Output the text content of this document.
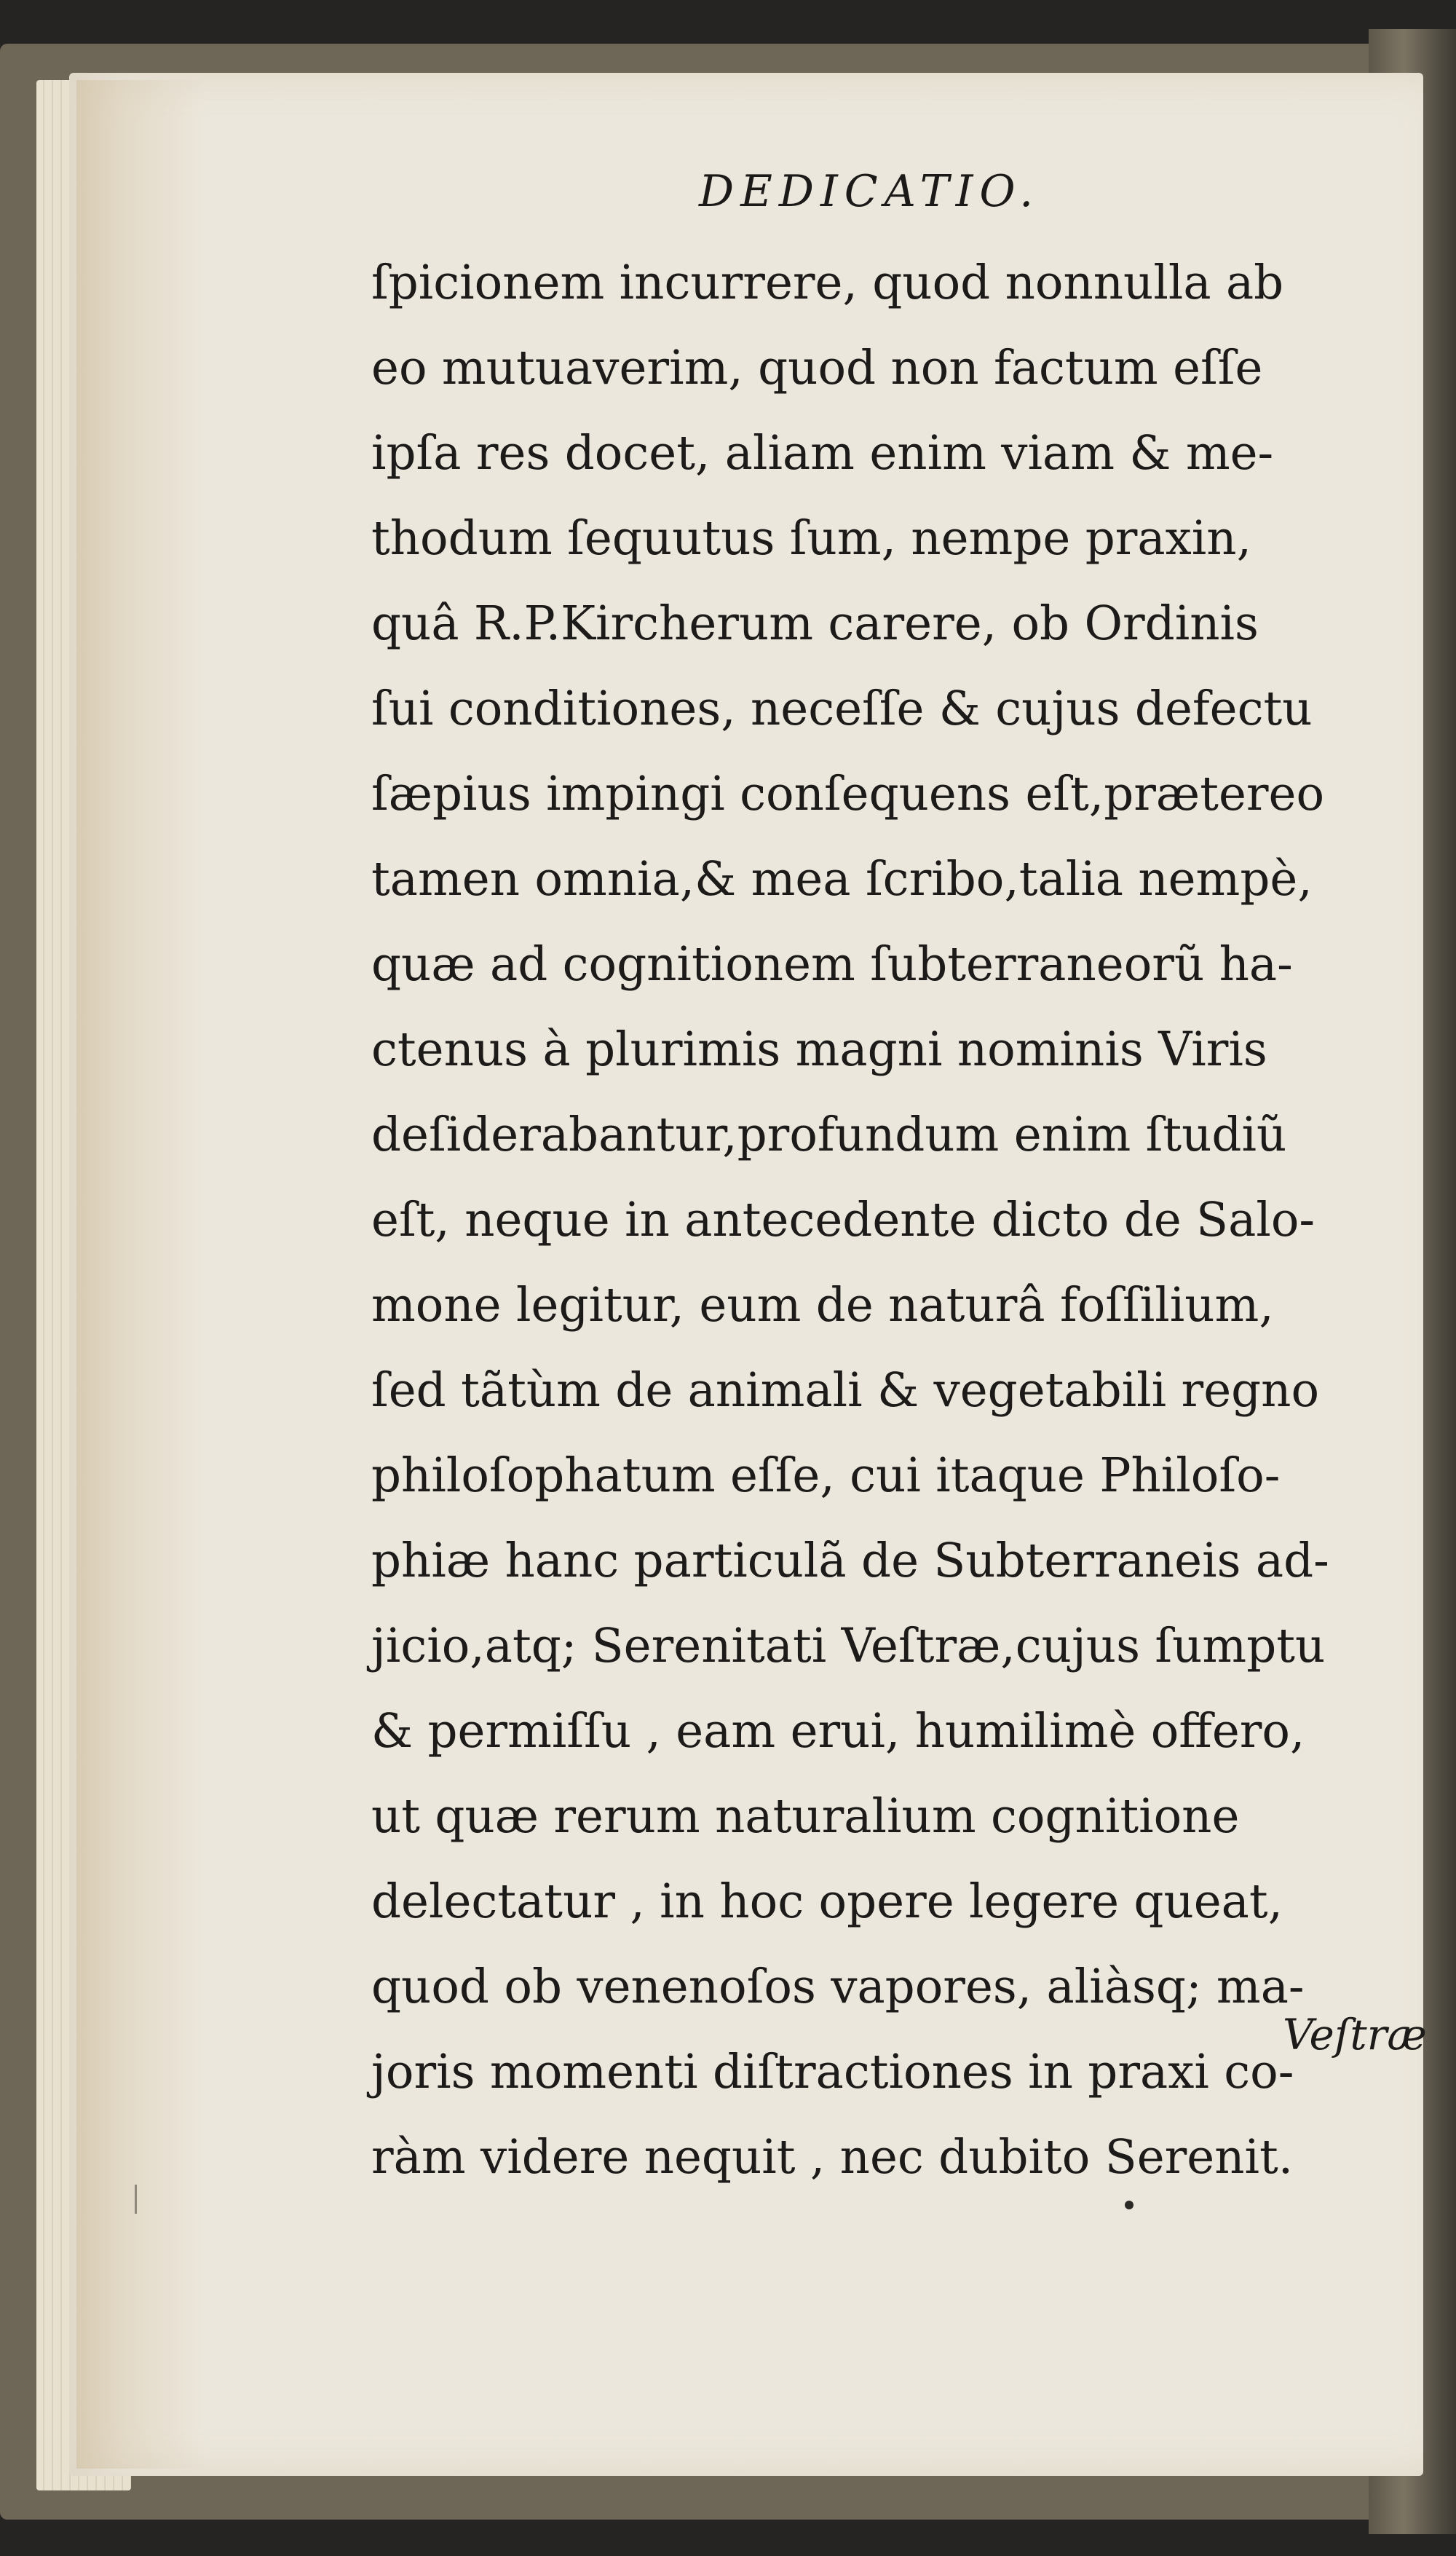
DEDICATIO.
ſpicionem incurrere, quod nonnulla ab eo mutuaverim, quod non factum eſſe ipſa res docet, aliam enim viam & me- thodum ſequutus ſum, nempe praxin, quâ R.P.Kircherum carere, ob Ordinis ſui conditiones, neceſſe & cujus defectu ſæpius impingi conſequens eſt,prætereo tamen omnia,& mea ſcribo,talia nempè, quæ ad cognitionem ſubterraneorũ ha- ctenus à plurimis magni nominis Viris deſiderabantur,profundum enim ſtudiũ eſt, neque in antecedente dicto de Salo- mone legitur, eum de naturâ foſſilium, ſed tãtùm de animali & vegetabili regno philoſophatum eſſe, cui itaque Philoſo- phiæ hanc particulã de Subterraneis ad- jicio,atq; Serenitati Veſtræ,cujus ſumptu & permiſſu , eam erui, humilimè offero, ut quæ rerum naturalium cognitione delectatur , in hoc opere legere queat, quod ob venenoſos vapores, aliàsq; ma- joris momenti diſtractiones in praxi co- ràm videre nequit , nec dubito Serenit.
Veſtræ
